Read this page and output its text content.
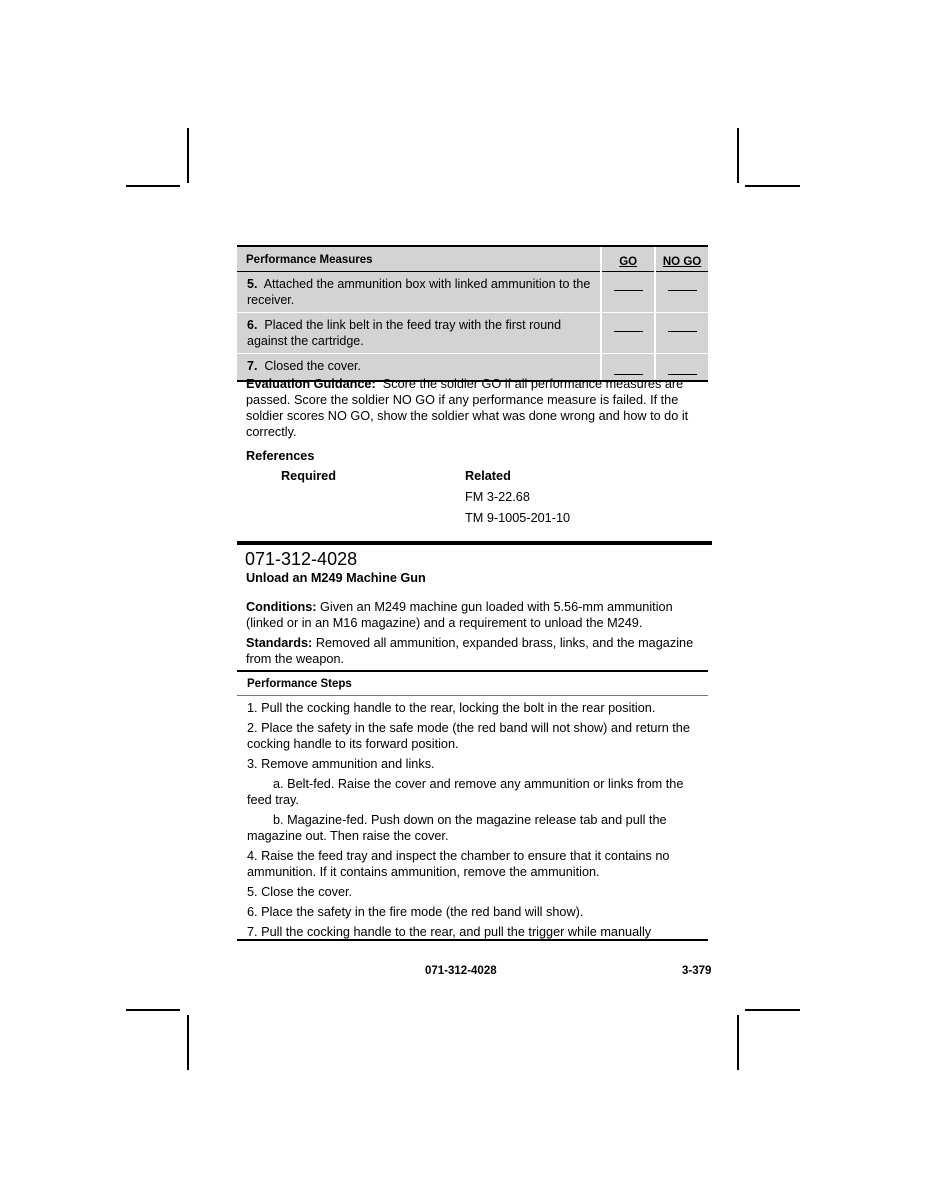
Performance Measures	GO	NO GO

5. Attached the ammunition box with linked ammunition to the receiver.	

6. Placed the link belt in the feed tray with the first round against the cartridge.	

7. Closed the cover.	

Evaluation Guidance: Score the soldier GO if all performance measures are passed. Score the soldier NO GO if any performance measure is failed. If the soldier scores NO GO, show the soldier what was done wrong and how to do it correctly.
References
Required	Related
FM 3-22.68
TM 9-1005-201-10
071-312-4028
Unload an M249 Machine Gun
Conditions: Given an M249 machine gun loaded with 5.56-mm ammunition (linked or in an M16 magazine) and a requirement to unload the M249.
Standards: Removed all ammunition, expanded brass, links, and the magazine from the weapon.
Performance Steps
1. Pull the cocking handle to the rear, locking the bolt in the rear position.
2. Place the safety in the safe mode (the red band will not show) and return the cocking handle to its forward position.
3. Remove ammunition and links.
a. Belt-fed. Raise the cover and remove any ammunition or links from the feed tray.
b. Magazine-fed. Push down on the magazine release tab and pull the magazine out. Then raise the cover.
4. Raise the feed tray and inspect the chamber to ensure that it contains no ammunition. If it contains ammunition, remove the ammunition.
5. Close the cover.
6. Place the safety in the fire mode (the red band will show).
7. Pull the cocking handle to the rear, and pull the trigger while manually
071-312-4028	3-379
